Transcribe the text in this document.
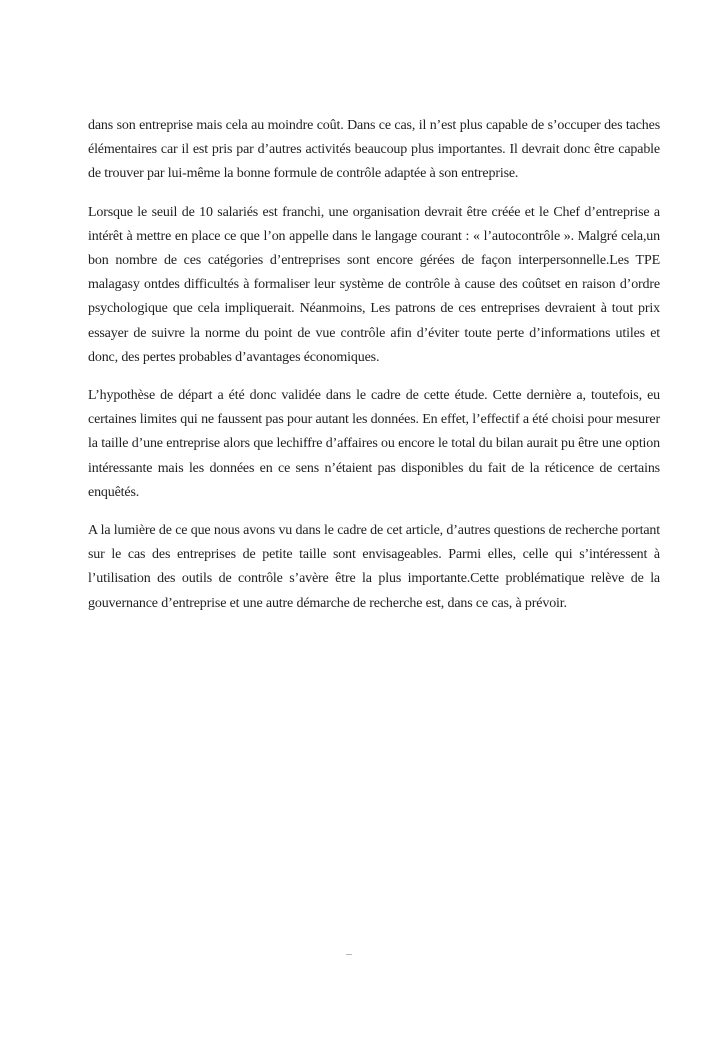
dans son entreprise mais cela au moindre coût. Dans ce cas, il n’est plus capable de s’occuper des taches élémentaires car il est pris par d’autres activités beaucoup plus importantes. Il devrait donc être capable de trouver par lui-même la bonne formule de contrôle adaptée à son entreprise.

Lorsque le seuil de 10 salariés est franchi, une organisation devrait être créée et le Chef d’entreprise a intérêt à mettre en place ce que l’on appelle dans le langage courant : « l’autocontrôle ». Malgré cela,un bon nombre de ces catégories d’entreprises sont encore gérées de façon interpersonnelle.Les TPE malagasy ontdes difficultés à formaliser leur système de contrôle à cause des coûtset en raison d’ordre psychologique que cela impliquerait. Néanmoins, Les patrons de ces entreprises devraient à tout prix essayer de suivre la norme du point de vue contrôle afin d’éviter toute perte d’informations utiles et donc, des pertes probables d’avantages économiques.

L’hypothèse de départ a été donc validée dans le cadre de cette étude. Cette dernière a, toutefois, eu certaines limites qui ne faussent pas pour autant les données. En effet, l’effectif a été choisi pour mesurer la taille d’une entreprise alors que lechiffre d’affaires ou encore le total du bilan aurait pu être une option intéressante mais les données en ce sens n’étaient pas disponibles du fait de la réticence de certains enquêtés.

A la lumière de ce que nous avons vu dans le cadre de cet article, d’autres questions de recherche portant sur le cas des entreprises de petite taille sont envisageables. Parmi elles, celle qui s’intéressent à l’utilisation des outils de contrôle s’avère être la plus importante.Cette problématique relève de la gouvernance d’entreprise et une autre démarche de recherche est, dans ce cas, à prévoir.
